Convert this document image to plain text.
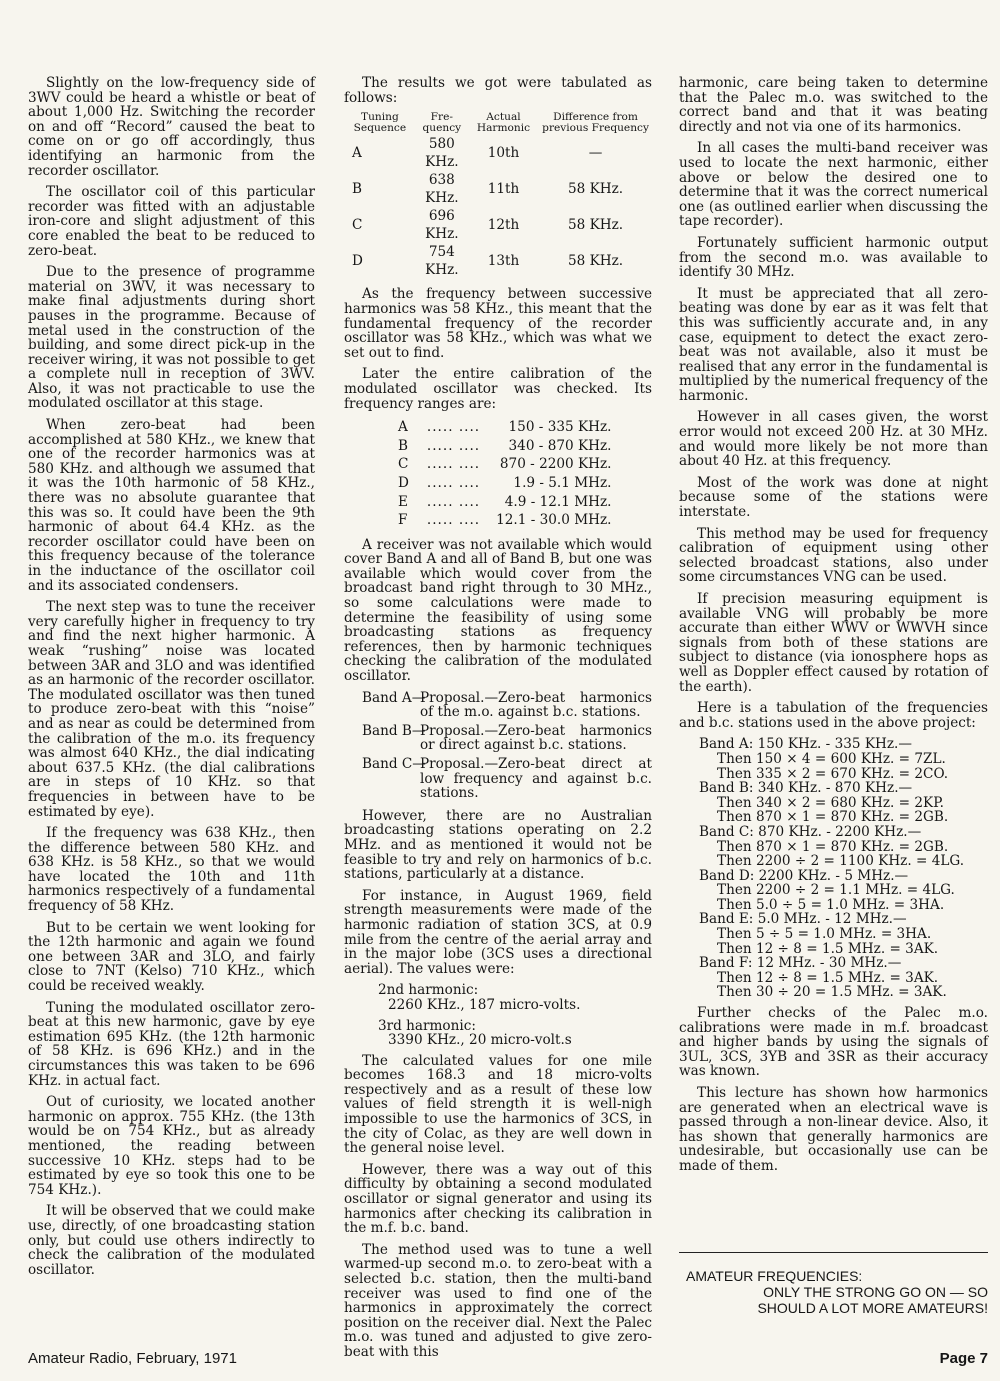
Slightly on the low-frequency side of 3WV could be heard a whistle or beat of about 1,000 Hz. Switching the recorder on and off “Record” caused the beat to come on or go off accordingly, thus identifying an harmonic from the recorder oscillator.

The oscillator coil of this particular recorder was fitted with an adjustable iron-core and slight adjustment of this core enabled the beat to be reduced to zero-beat.

Due to the presence of programme material on 3WV, it was necessary to make final adjustments during short pauses in the programme. Because of metal used in the construction of the building, and some direct pick-up in the receiver wiring, it was not possible to get a complete null in reception of 3WV. Also, it was not practicable to use the modulated oscillator at this stage.

When zero-beat had been accomplished at 580 KHz., we knew that one of the recorder harmonics was at 580 KHz. and although we assumed that it was the 10th harmonic of 58 KHz., there was no absolute guarantee that this was so. It could have been the 9th harmonic of about 64.4 KHz. as the recorder oscillator could have been on this frequency because of the tolerance in the inductance of the oscillator coil and its associated condensers.

The next step was to tune the receiver very carefully higher in frequency to try and find the next higher harmonic. A weak “rushing” noise was located between 3AR and 3LO and was identified as an harmonic of the recorder oscillator. The modulated oscillator was then tuned to produce zero-beat with this “noise” and as near as could be determined from the calibration of the m.o. its frequency was almost 640 KHz., the dial indicating about 637.5 KHz. (the dial calibrations are in steps of 10 KHz. so that frequencies in between have to be estimated by eye).

If the frequency was 638 KHz., then the difference between 580 KHz. and 638 KHz. is 58 KHz., so that we would have located the 10th and 11th harmonics respectively of a fundamental frequency of 58 KHz.

But to be certain we went looking for the 12th harmonic and again we found one between 3AR and 3LO, and fairly close to 7NT (Kelso) 710 KHz., which could be received weakly.

Tuning the modulated oscillator zero-beat at this new harmonic, gave by eye estimation 695 KHz. (the 12th harmonic of 58 KHz. is 696 KHz.) and in the circumstances this was taken to be 696 KHz. in actual fact.

Out of curiosity, we located another harmonic on approx. 755 KHz. (the 13th would be on 754 KHz., but as already mentioned, the reading between successive 10 KHz. steps had to be estimated by eye so took this one to be 754 KHz.).

It will be observed that we could make use, directly, of one broadcasting station only, but could use others indirectly to check the calibration of the modulated oscillator.

The results we got were tabulated as follows:

Tuning Sequence	Fre-quency	Actual Harmonic	Difference from previous Frequency
A	580 KHz.	10th	—
B	638 KHz.	11th	58 KHz.
C	696 KHz.	12th	58 KHz.
D	754 KHz.	13th	58 KHz.

As the frequency between successive harmonics was 58 KHz., this meant that the fundamental frequency of the recorder oscillator was 58 KHz., which was what we set out to find.

Later the entire calibration of the modulated oscillator was checked. Its frequency ranges are:

A	..... ....	150 - 335 KHz.
B	..... ....	340 - 870 KHz.
C	..... ....	870 - 2200 KHz.
D	..... ....	1.9 - 5.1 MHz.
E	..... ....	4.9 - 12.1 MHz.
F	..... ....	12.1 - 30.0 MHz.

A receiver was not available which would cover Band A and all of Band B, but one was available which would cover from the broadcast band right through to 30 MHz., so some calculations were made to determine the feasibility of using some broadcasting stations as frequency references, then by harmonic techniques checking the calibration of the modulated oscillator.

Band A—
Proposal.—Zero-beat harmonics of the m.o. against b.c. stations.
Band B—
Proposal.—Zero-beat harmonics or direct against b.c. stations.
Band C—
Proposal.—Zero-beat direct at low frequency and against b.c. stations.

However, there are no Australian broadcasting stations operating on 2.2 MHz. and as mentioned it would not be feasible to try and rely on harmonics of b.c. stations, particularly at a distance.

For instance, in August 1969, field strength measurements were made of the harmonic radiation of station 3CS, at 0.9 mile from the centre of the aerial array and in the major lobe (3CS uses a directional aerial). The values were:

2nd harmonic:
2260 KHz., 187 micro-volts.
3rd harmonic:
3390 KHz., 20 micro-volt.s

The calculated values for one mile becomes 168.3 and 18 micro-volts respectively and as a result of these low values of field strength it is well-nigh impossible to use the harmonics of 3CS, in the city of Colac, as they are well down in the general noise level.

However, there was a way out of this difficulty by obtaining a second modulated oscillator or signal generator and using its harmonics after checking its calibration in the m.f. b.c. band.

The method used was to tune a well warmed-up second m.o. to zero-beat with a selected b.c. station, then the multi-band receiver was used to find one of the harmonics in approximately the correct position on the receiver dial. Next the Palec m.o. was tuned and adjusted to give zero-beat with this

harmonic, care being taken to determine that the Palec m.o. was switched to the correct band and that it was beating directly and not via one of its harmonics.

In all cases the multi-band receiver was used to locate the next harmonic, either above or below the desired one to determine that it was the correct numerical one (as outlined earlier when discussing the tape recorder).

Fortunately sufficient harmonic output from the second m.o. was available to identify 30 MHz.

It must be appreciated that all zero-beating was done by ear as it was felt that this was sufficiently accurate and, in any case, equipment to detect the exact zero-beat was not available, also it must be realised that any error in the fundamental is multiplied by the numerical frequency of the harmonic.

However in all cases given, the worst error would not exceed 200 Hz. at 30 MHz. and would more likely be not more than about 40 Hz. at this frequency.

Most of the work was done at night because some of the stations were interstate.

This method may be used for frequency calibration of equipment using other selected broadcast stations, also under some circumstances VNG can be used.

If precision measuring equipment is available VNG will probably be more accurate than either WWV or WWVH since signals from both of these stations are subject to distance (via ionosphere hops as well as Doppler effect caused by rotation of the earth).

Here is a tabulation of the frequencies and b.c. stations used in the above project:

Band A: 150 KHz. - 335 KHz.—
Then 150 × 4 = 600 KHz. = 7ZL.
Then 335 × 2 = 670 KHz. = 2CO.
Band B: 340 KHz. - 870 KHz.—
Then 340 × 2 = 680 KHz. = 2KP.
Then 870 × 1 = 870 KHz. = 2GB.
Band C: 870 KHz. - 2200 KHz.—
Then 870 × 1 = 870 KHz. = 2GB.
Then 2200 ÷ 2 = 1100 KHz. = 4LG.
Band D: 2200 KHz. - 5 MHz.—
Then 2200 ÷ 2 = 1.1 MHz. = 4LG.
Then 5.0 ÷ 5 = 1.0 MHz. = 3HA.
Band E: 5.0 MHz. - 12 MHz.—
Then 5 ÷ 5 = 1.0 MHz. = 3HA.
Then 12 ÷ 8 = 1.5 MHz. = 3AK.
Band F: 12 MHz. - 30 MHz.—
Then 12 ÷ 8 = 1.5 MHz. = 3AK.
Then 30 ÷ 20 = 1.5 MHz. = 3AK.

Further checks of the Palec m.o. calibrations were made in m.f. broadcast and higher bands by using the signals of 3UL, 3CS, 3YB and 3SR as their accuracy was known.

This lecture has shown how harmonics are generated when an electrical wave is passed through a non-linear device. Also, it has shown that generally harmonics are undesirable, but occasionally use can be made of them.

AMATEUR FREQUENCIES:
ONLY THE STRONG GO ON — SO SHOULD A LOT MORE AMATEURS!
Amateur Radio, February, 1971	Page 7
